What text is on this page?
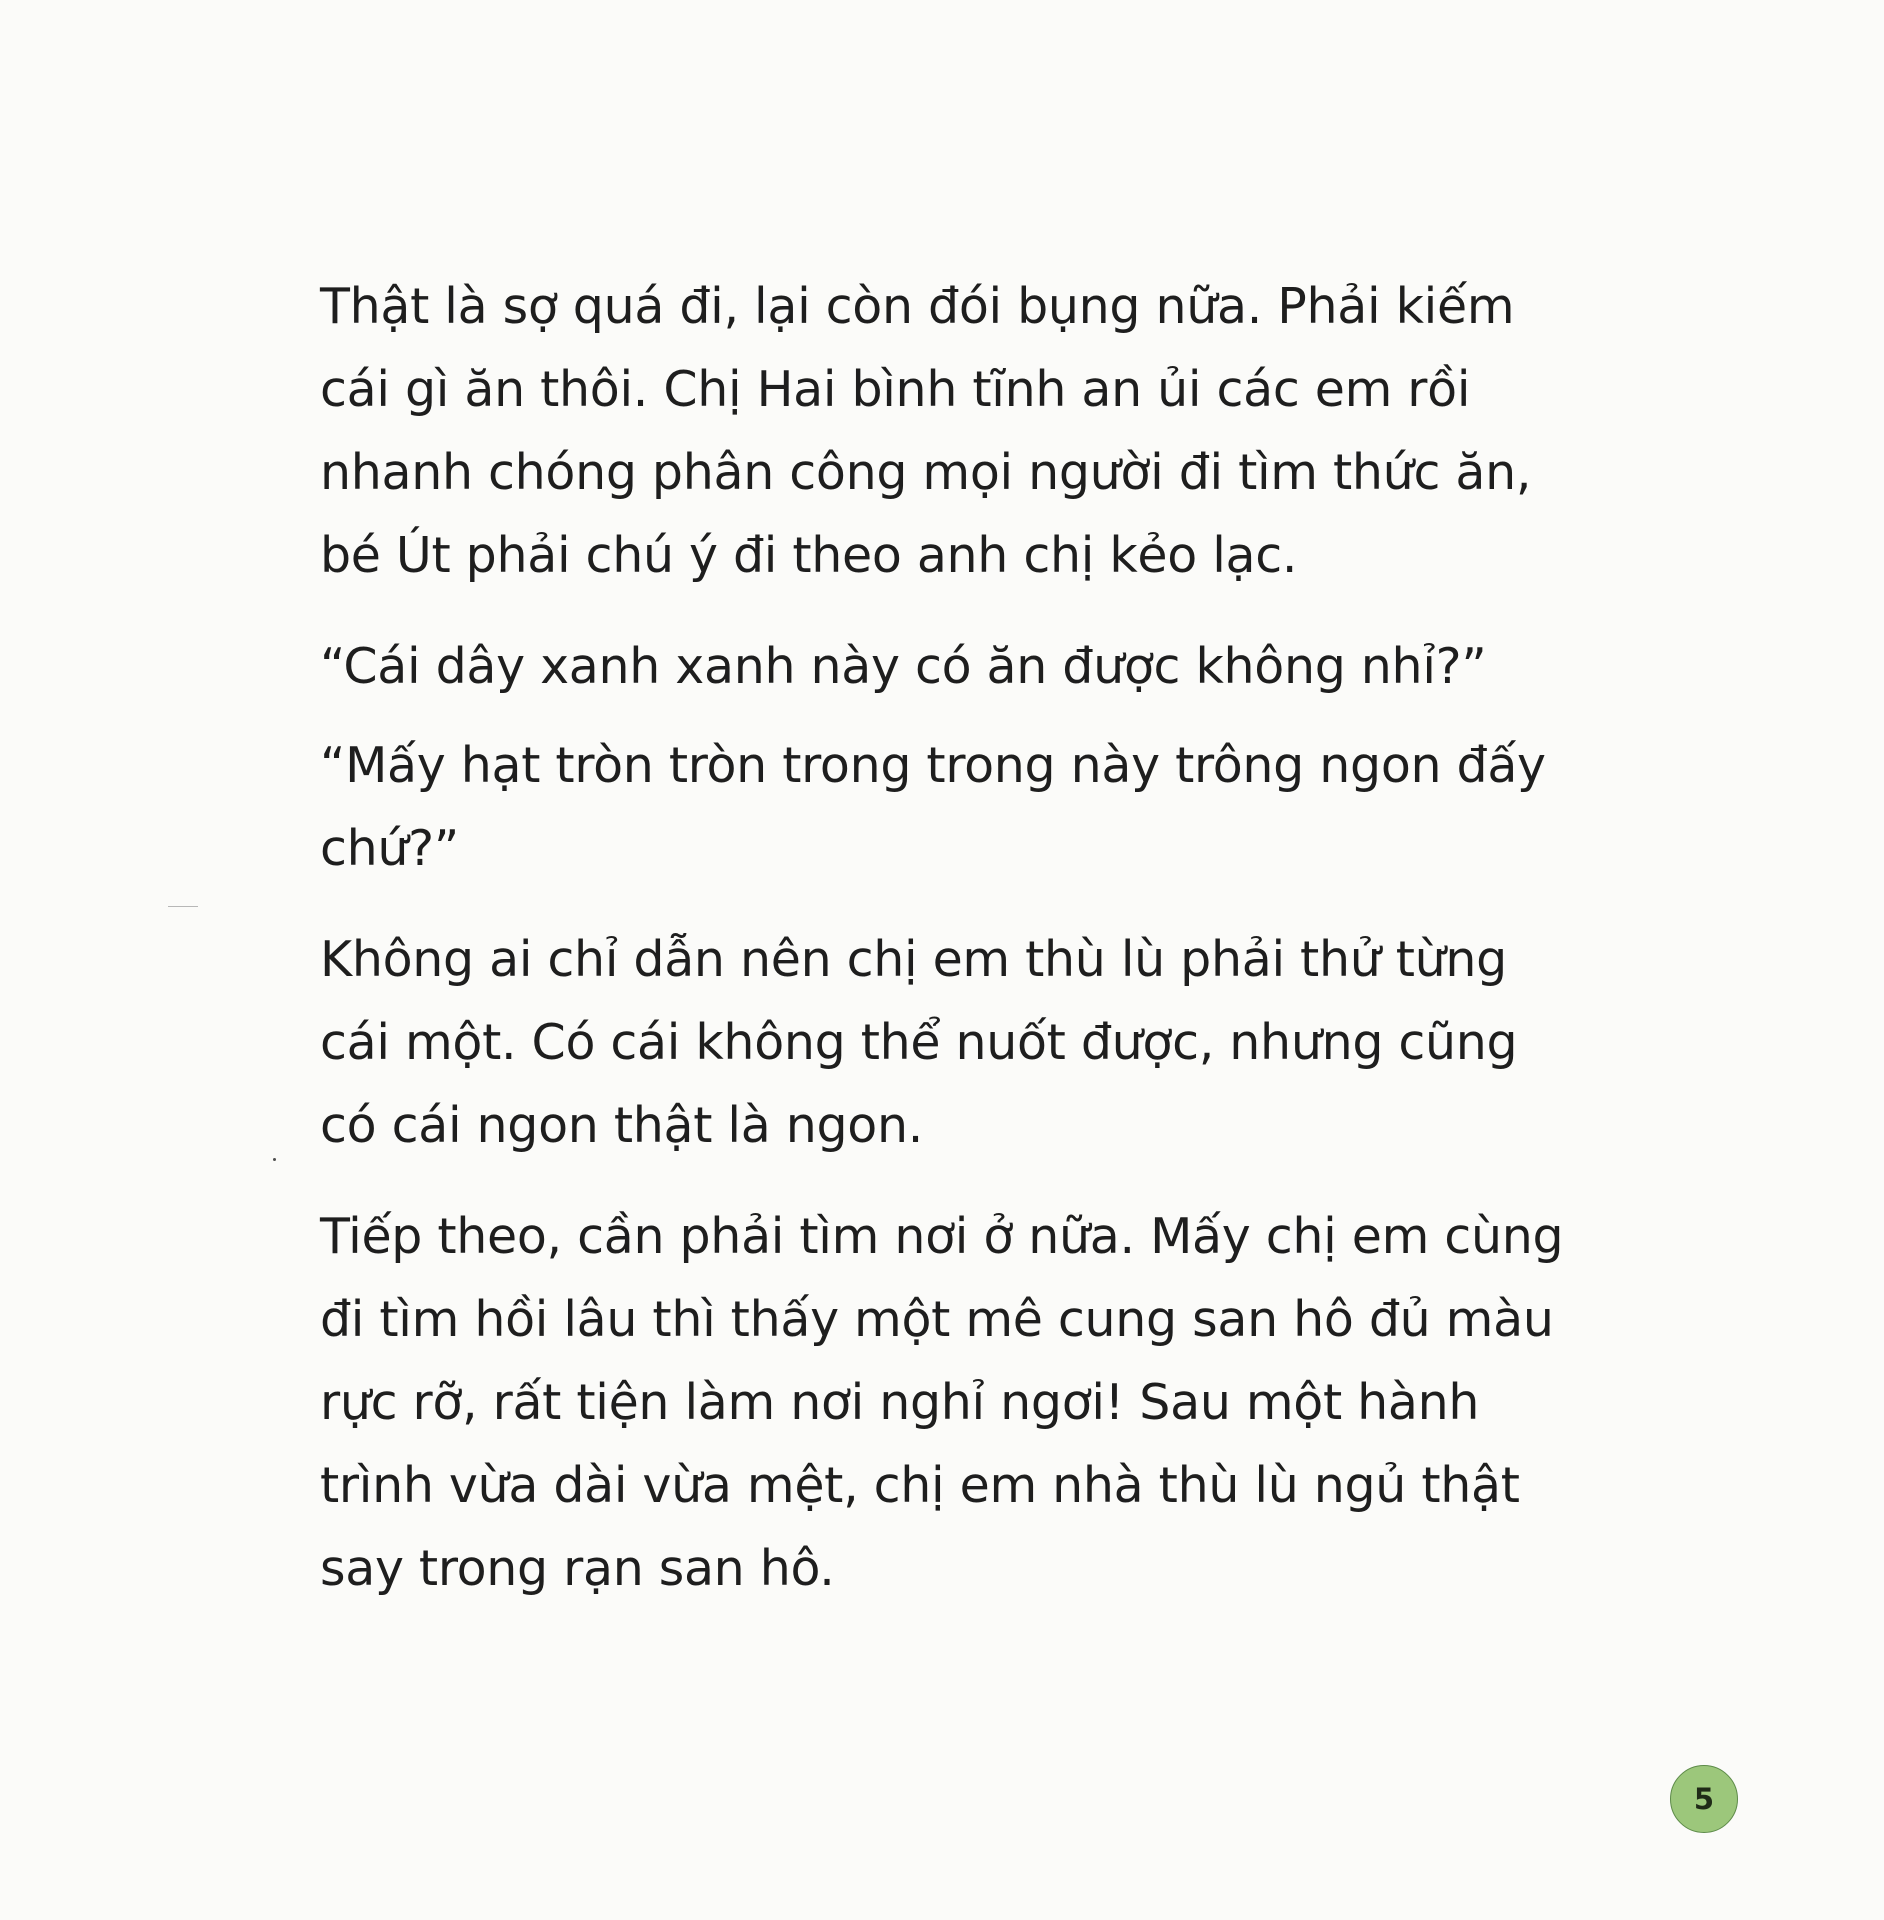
Thật là sợ quá đi, lại còn đói bụng nữa. Phải kiếm cái gì ăn thôi. Chị Hai bình tĩnh an ủi các em rồi nhanh chóng phân công mọi người đi tìm thức ăn, bé Út phải chú ý đi theo anh chị kẻo lạc.

“Cái dây xanh xanh này có ăn được không nhỉ?”

“Mấy hạt tròn tròn trong trong này trông ngon đấy chứ?”

Không ai chỉ dẫn nên chị em thù lù phải thử từng cái một. Có cái không thể nuốt được, nhưng cũng có cái ngon thật là ngon.

Tiếp theo, cần phải tìm nơi ở nữa. Mấy chị em cùng đi tìm hồi lâu thì thấy một mê cung san hô đủ màu rực rỡ, rất tiện làm nơi nghỉ ngơi! Sau một hành trình vừa dài vừa mệt, chị em nhà thù lù ngủ thật say trong rạn san hô.

5
